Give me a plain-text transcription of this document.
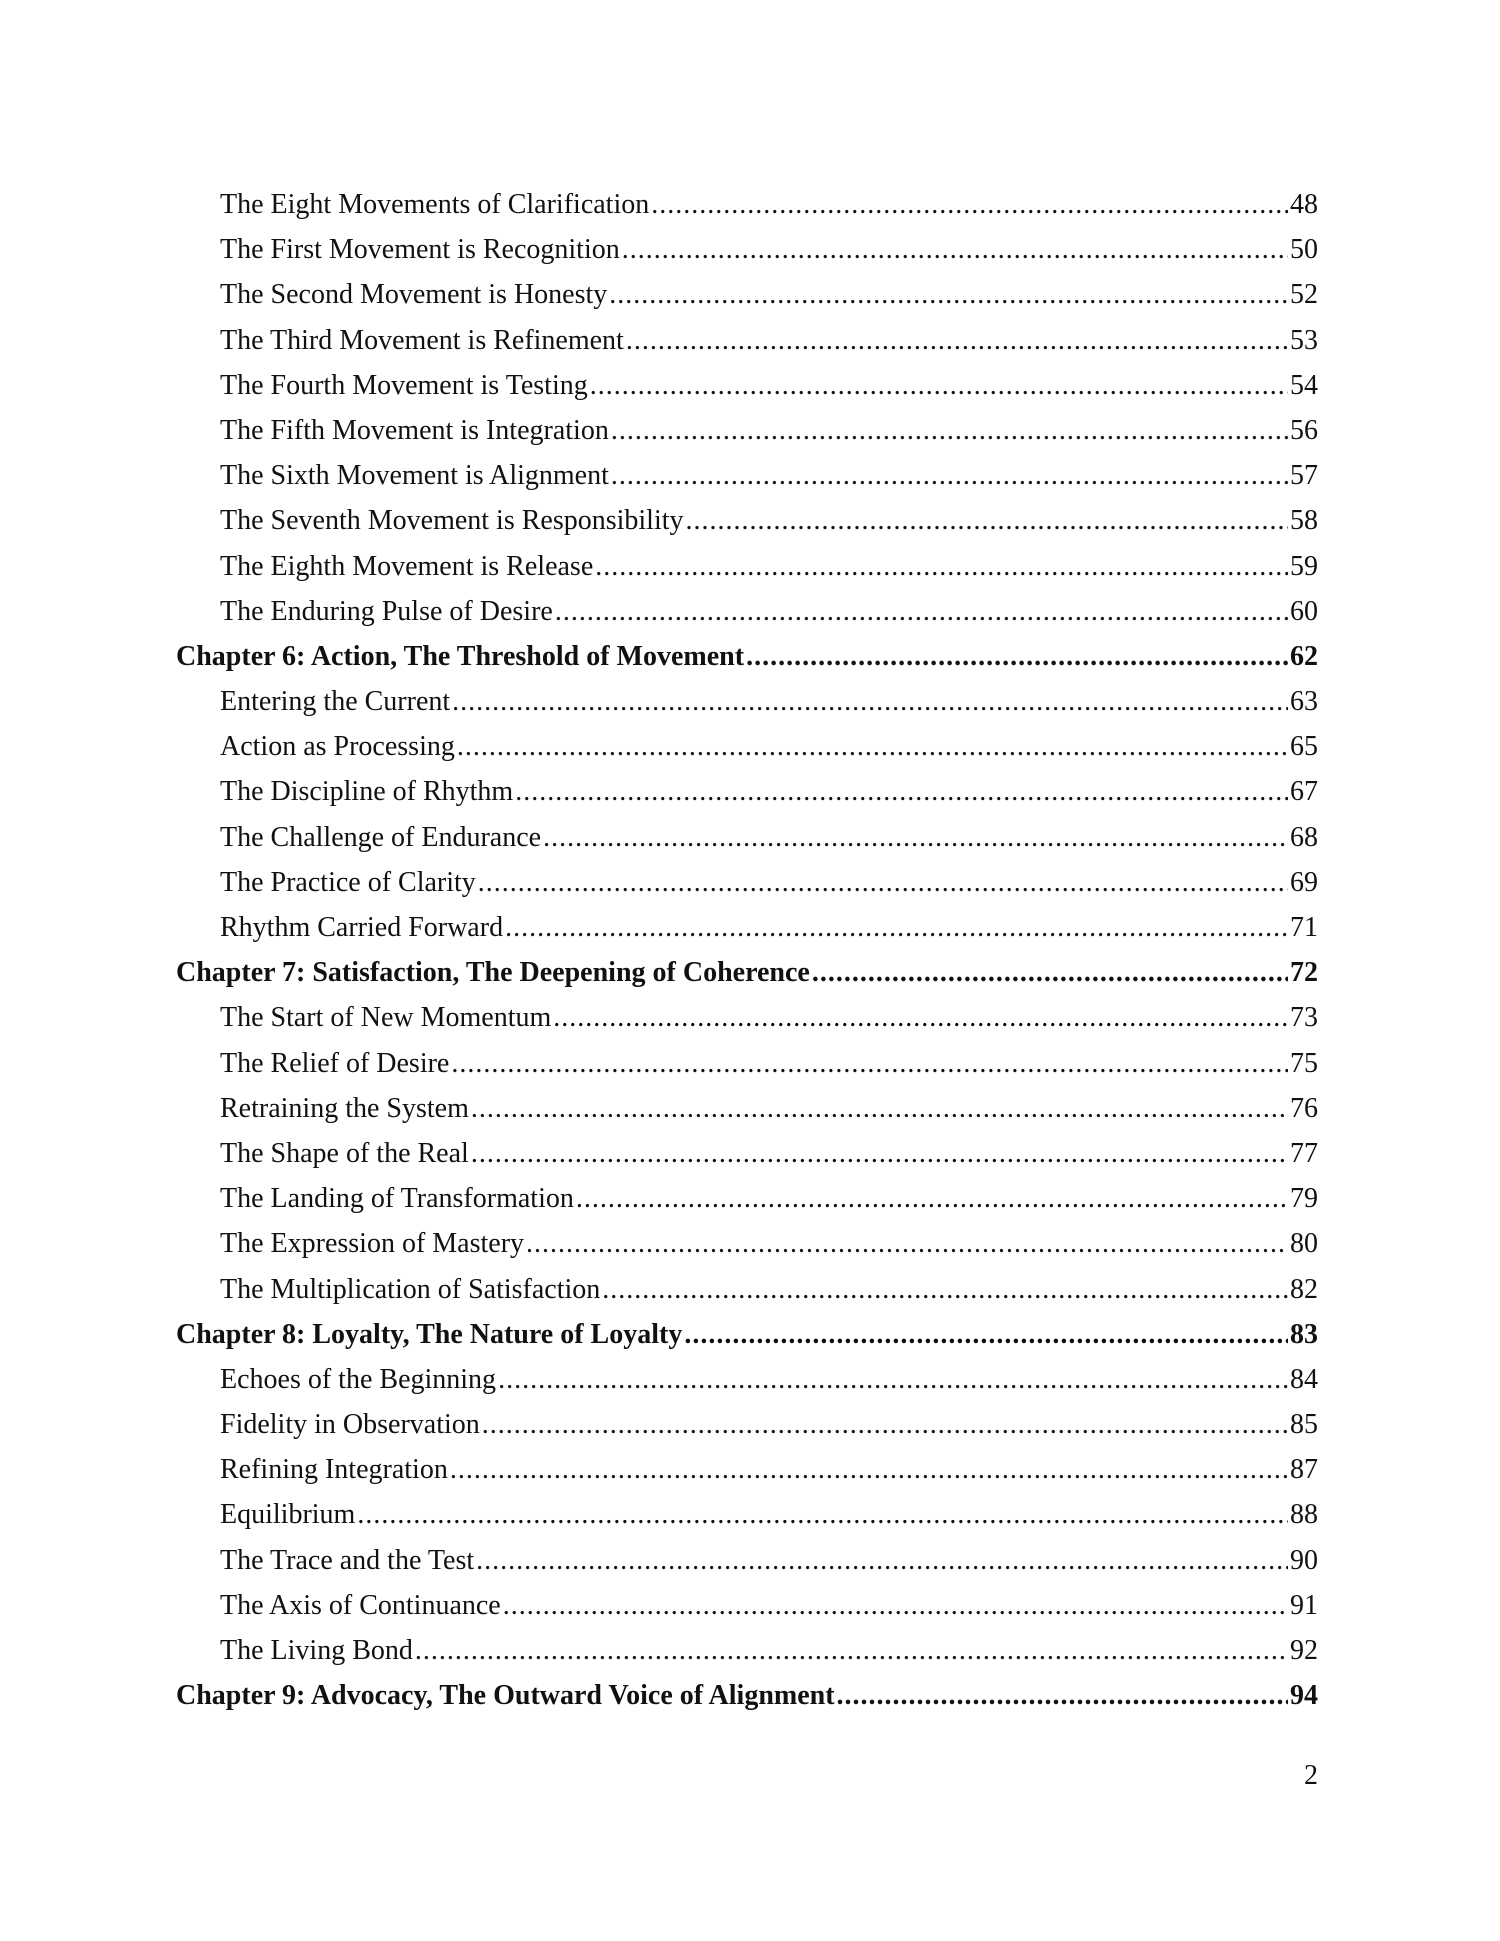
The Eight Movements of Clarification .....	48
The First Movement is Recognition .....	50
The Second Movement is Honesty .....	52
The Third Movement is Refinement .....	53
The Fourth Movement is Testing .....	54
The Fifth Movement is Integration .....	56
The Sixth Movement is Alignment .....	57
The Seventh Movement is Responsibility .....	58
The Eighth Movement is Release .....	59
The Enduring Pulse of Desire .....	60
Chapter 6: Action, The Threshold of Movement .....	62
Entering the Current .....	63
Action as Processing .....	65
The Discipline of Rhythm .....	67
The Challenge of Endurance .....	68
The Practice of Clarity .....	69
Rhythm Carried Forward .....	71
Chapter 7: Satisfaction, The Deepening of Coherence .....	72
The Start of New Momentum .....	73
The Relief of Desire .....	75
Retraining the System .....	76
The Shape of the Real .....	77
The Landing of Transformation .....	79
The Expression of Mastery .....	80
The Multiplication of Satisfaction .....	82
Chapter 8: Loyalty, The Nature of Loyalty .....	83
Echoes of the Beginning .....	84
Fidelity in Observation .....	85
Refining Integration .....	87
Equilibrium .....	88
The Trace and the Test .....	90
The Axis of Continuance .....	91
The Living Bond .....	92
Chapter 9: Advocacy, The Outward Voice of Alignment .....	94
2
